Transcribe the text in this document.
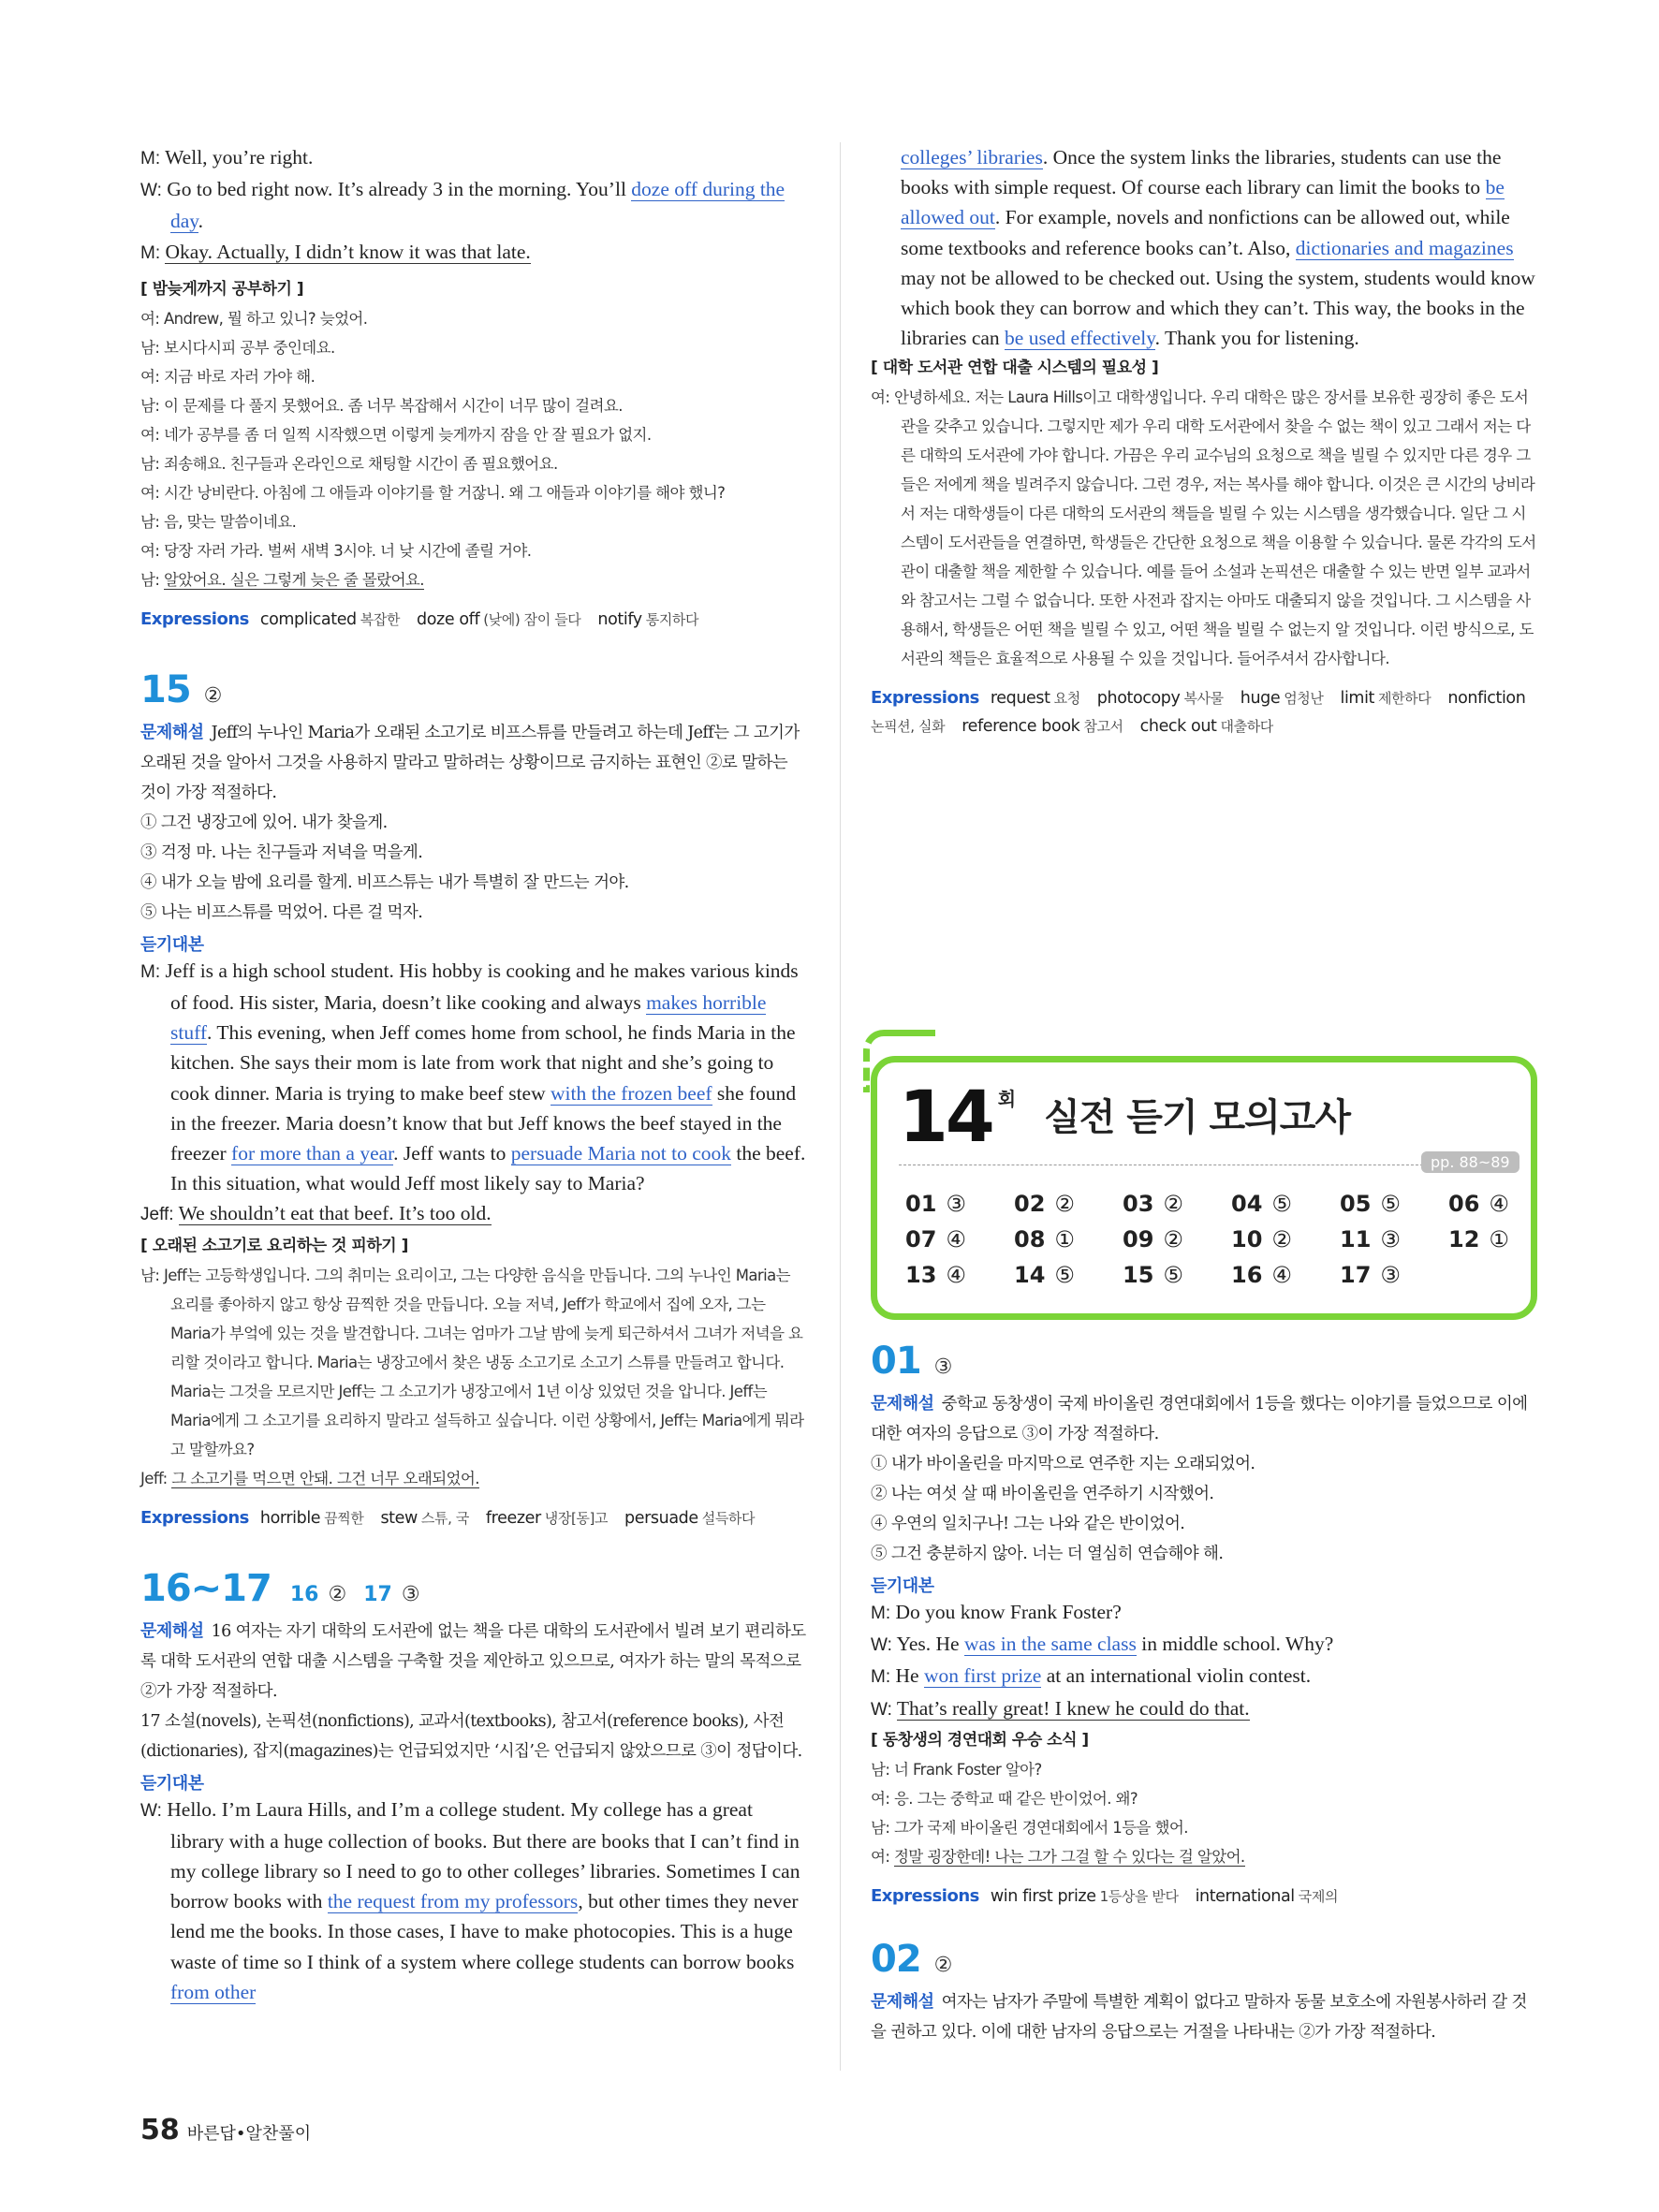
M: Well, you’re right.
W: Go to bed right now. It’s already 3 in the morning. You’ll doze off during the day.
M: Okay. Actually, I didn’t know it was that late.
[ 밤늦게까지 공부하기 ]
여: Andrew, 뭘 하고 있니? 늦었어.
남: 보시다시피 공부 중인데요.
여: 지금 바로 자러 가야 해.
남: 이 문제를 다 풀지 못했어요. 좀 너무 복잡해서 시간이 너무 많이 걸려요.
여: 네가 공부를 좀 더 일찍 시작했으면 이렇게 늦게까지 잠을 안 잘 필요가 없지.
남: 죄송해요. 친구들과 온라인으로 채팅할 시간이 좀 필요했어요.
여: 시간 낭비란다. 아침에 그 애들과 이야기를 할 거잖니. 왜 그 애들과 이야기를 해야 했니?
남: 음, 맞는 말씀이네요.
여: 당장 자러 가라. 벌써 새벽 3시야. 너 낮 시간에 졸릴 거야.
남: 알았어요. 실은 그렇게 늦은 줄 몰랐어요.
Expressions complicated 복잡한 doze off (낮에) 잠이 들다 notify 통지하다
15 ②
문제해설 Jeff의 누나인 Maria가 오래된 소고기로 비프스튜를 만들려고 하는데 Jeff는 그 고기가 오래된 것을 알아서 그것을 사용하지 말라고 말하려는 상황이므로 금지하는 표현인 ②로 말하는 것이 가장 적절하다.
① 그건 냉장고에 있어. 내가 찾을게.
③ 걱정 마. 나는 친구들과 저녁을 먹을게.
④ 내가 오늘 밤에 요리를 할게. 비프스튜는 내가 특별히 잘 만드는 거야.
⑤ 나는 비프스튜를 먹었어. 다른 걸 먹자.
듣기대본
M: Jeff is a high school student. His hobby is cooking and he makes various kinds of food. His sister, Maria, doesn’t like cooking and always makes horrible stuff. This evening, when Jeff comes home from school, he finds Maria in the kitchen. She says their mom is late from work that night and she’s going to cook dinner. Maria is trying to make beef stew with the frozen beef she found in the freezer. Maria doesn’t know that but Jeff knows the beef stayed in the freezer for more than a year. Jeff wants to persuade Maria not to cook the beef. In this situation, what would Jeff most likely say to Maria?
Jeff: We shouldn’t eat that beef. It’s too old.
[ 오래된 소고기로 요리하는 것 피하기 ]
남: Jeff는 고등학생입니다. 그의 취미는 요리이고, 그는 다양한 음식을 만듭니다. 그의 누나인 Maria는 요리를 좋아하지 않고 항상 끔찍한 것을 만듭니다. 오늘 저녁, Jeff가 학교에서 집에 오자, 그는 Maria가 부엌에 있는 것을 발견합니다. 그녀는 엄마가 그날 밤에 늦게 퇴근하셔서 그녀가 저녁을 요리할 것이라고 합니다. Maria는 냉장고에서 찾은 냉동 소고기로 소고기 스튜를 만들려고 합니다. Maria는 그것을 모르지만 Jeff는 그 소고기가 냉장고에서 1년 이상 있었던 것을 압니다. Jeff는 Maria에게 그 소고기를 요리하지 말라고 설득하고 싶습니다. 이런 상황에서, Jeff는 Maria에게 뭐라고 말할까요?
Jeff: 그 소고기를 먹으면 안돼. 그건 너무 오래되었어.
Expressions horrible 끔찍한 stew 스튜, 국 freezer 냉장[동]고 persuade 설득하다
16~17 16 ② 17 ③
문제해설 16 여자는 자기 대학의 도서관에 없는 책을 다른 대학의 도서관에서 빌려 보기 편리하도록 대학 도서관의 연합 대출 시스템을 구축할 것을 제안하고 있으므로, 여자가 하는 말의 목적으로 ②가 가장 적절하다.
17 소설(novels), 논픽션(nonfictions), 교과서(textbooks), 참고서(reference books), 사전(dictionaries), 잡지(magazines)는 언급되었지만 ‘시집’은 언급되지 않았으므로 ③이 정답이다.
듣기대본
W: Hello. I’m Laura Hills, and I’m a college student. My college has a great library with a huge collection of books. But there are books that I can’t find in my college library so I need to go to other colleges’ libraries. Sometimes I can borrow books with the request from my professors, but other times they never lend me the books. In those cases, I have to make photocopies. This is a huge waste of time so I think of a system where college students can borrow books from other
colleges’ libraries. Once the system links the libraries, students can use the books with simple request. Of course each library can limit the books to be allowed out. For example, novels and nonfictions can be allowed out, while some textbooks and reference books can’t. Also, dictionaries and magazines may not be allowed to be checked out. Using the system, students would know which book they can borrow and which they can’t. This way, the books in the libraries can be used effectively. Thank you for listening.
[ 대학 도서관 연합 대출 시스템의 필요성 ]
여: 안녕하세요. 저는 Laura Hills이고 대학생입니다. 우리 대학은 많은 장서를 보유한 굉장히 좋은 도서관을 갖추고 있습니다. 그렇지만 제가 우리 대학 도서관에서 찾을 수 없는 책이 있고 그래서 저는 다른 대학의 도서관에 가야 합니다. 가끔은 우리 교수님의 요청으로 책을 빌릴 수 있지만 다른 경우 그들은 저에게 책을 빌려주지 않습니다. 그런 경우, 저는 복사를 해야 합니다. 이것은 큰 시간의 낭비라서 저는 대학생들이 다른 대학의 도서관의 책들을 빌릴 수 있는 시스템을 생각했습니다. 일단 그 시스템이 도서관들을 연결하면, 학생들은 간단한 요청으로 책을 이용할 수 있습니다. 물론 각각의 도서관이 대출할 책을 제한할 수 있습니다. 예를 들어 소설과 논픽션은 대출할 수 있는 반면 일부 교과서와 참고서는 그럴 수 없습니다. 또한 사전과 잡지는 아마도 대출되지 않을 것입니다. 그 시스템을 사용해서, 학생들은 어떤 책을 빌릴 수 있고, 어떤 책을 빌릴 수 없는지 알 것입니다. 이런 방식으로, 도서관의 책들은 효율적으로 사용될 수 있을 것입니다. 들어주셔서 감사합니다.
Expressions request 요청 photocopy 복사물 huge 엄청난 limit 제한하다 nonfiction논픽션, 실화 reference book 참고서 check out 대출하다
14 회 실전 듣기 모의고사
pp. 88~89
01 ③	02 ②	03 ②	04 ⑤	05 ⑤	06 ④
07 ④	08 ①	09 ②	10 ②	11 ③	12 ①
13 ④	14 ⑤	15 ⑤	16 ④	17 ③
01 ③
문제해설 중학교 동창생이 국제 바이올린 경연대회에서 1등을 했다는 이야기를 들었으므로 이에 대한 여자의 응답으로 ③이 가장 적절하다.
① 내가 바이올린을 마지막으로 연주한 지는 오래되었어.
② 나는 여섯 살 때 바이올린을 연주하기 시작했어.
④ 우연의 일치구나! 그는 나와 같은 반이었어.
⑤ 그건 충분하지 않아. 너는 더 열심히 연습해야 해.
듣기대본
M: Do you know Frank Foster?
W: Yes. He was in the same class in middle school. Why?
M: He won first prize at an international violin contest.
W: That’s really great! I knew he could do that.
[ 동창생의 경연대회 우승 소식 ]
남: 너 Frank Foster 알아?
여: 응. 그는 중학교 때 같은 반이었어. 왜?
남: 그가 국제 바이올린 경연대회에서 1등을 했어.
여: 정말 굉장한데! 나는 그가 그걸 할 수 있다는 걸 알았어.
Expressions win first prize 1등상을 받다 international 국제의
02 ②
문제해설 여자는 남자가 주말에 특별한 계획이 없다고 말하자 동물 보호소에 자원봉사하러 갈 것을 권하고 있다. 이에 대한 남자의 응답으로는 거절을 나타내는 ②가 가장 적절하다.
58 바른답•알찬풀이
